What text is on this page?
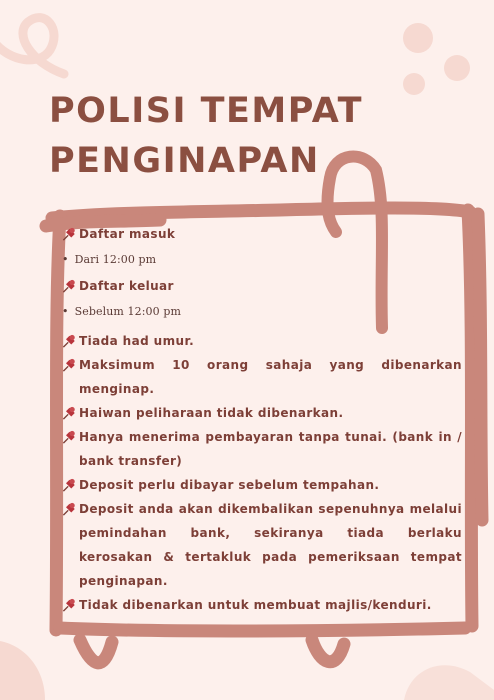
POLISI TEMPAT
PENGINAPAN
Daftar masuk
• Dari 12:00 pm
Daftar keluar
• Sebelum 12:00 pm
Tiada had umur.
Maksimum 10 orang sahaja yang dibenarkan menginap.
Haiwan peliharaan tidak dibenarkan.
Hanya menerima pembayaran tanpa tunai. (bank in / bank transfer)
Deposit perlu dibayar sebelum tempahan.
Deposit anda akan dikembalikan sepenuhnya melalui pemindahan bank, sekiranya tiada berlaku kerosakan & tertakluk pada pemeriksaan tempat penginapan.
Tidak dibenarkan untuk membuat majlis/kenduri.
